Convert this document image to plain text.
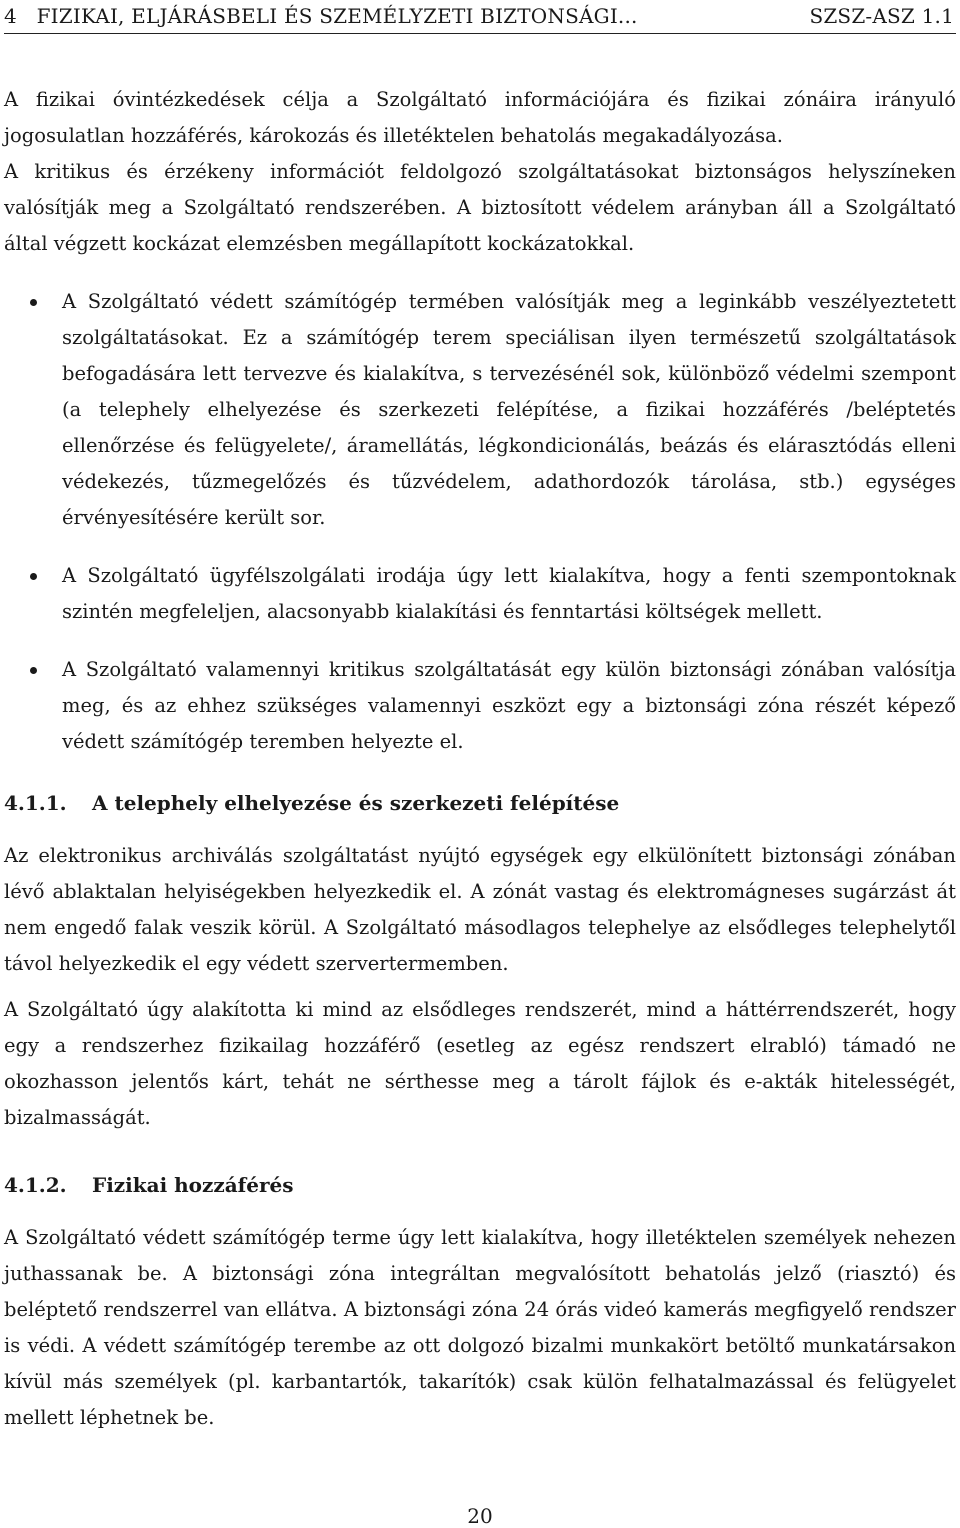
4   FIZIKAI, ELJÁRÁSBELI ÉS SZEMÉLYZETI BIZTONSÁGI...	SZSZ-ASZ 1.1

A fizikai óvintézkedések célja a Szolgáltató információjára és fizikai zónáira irányuló jogosulatlan hozzáférés, károkozás és illetéktelen behatolás megakadályozása.

A kritikus és érzékeny információt feldolgozó szolgáltatásokat biztonságos helyszíneken valósítják meg a Szolgáltató rendszerében. A biztosított védelem arányban áll a Szolgáltató által végzett kockázat elemzésben megállapított kockázatokkal.

A Szolgáltató védett számítógép termében valósítják meg a leginkább veszélyeztetett szolgáltatásokat. Ez a számítógép terem speciálisan ilyen természetű szolgáltatások befogadására lett tervezve és kialakítva, s tervezésénél sok, különböző védelmi szempont (a telephely elhelyezése és szerkezeti felépítése, a fizikai hozzáférés /beléptetés ellenőrzése és felügyelete/, áramellátás, légkondicionálás, beázás és elárasztódás elleni védekezés, tűzmegelőzés és tűzvédelem, adathordozók tárolása, stb.) egységes érvényesítésére került sor.
A Szolgáltató ügyfélszolgálati irodája úgy lett kialakítva, hogy a fenti szempontoknak szintén megfeleljen, alacsonyabb kialakítási és fenntartási költségek mellett.
A Szolgáltató valamennyi kritikus szolgáltatását egy külön biztonsági zónában valósítja meg, és az ehhez szükséges valamennyi eszközt egy a biztonsági zóna részét képező védett számítógép teremben helyezte el.
4.1.1.	A telephely elhelyezése és szerkezeti felépítése

Az elektronikus archiválás szolgáltatást nyújtó egységek egy elkülönített biztonsági zónában lévő ablaktalan helyiségekben helyezkedik el. A zónát vastag és elektromágneses sugárzást át nem engedő falak veszik körül. A Szolgáltató másodlagos telephelye az elsődleges telephelytől távol helyezkedik el egy védett szervertermemben.

A Szolgáltató úgy alakította ki mind az elsődleges rendszerét, mind a háttérrendszerét, hogy egy a rendszerhez fizikailag hozzáférő (esetleg az egész rendszert elrabló) támadó ne okozhasson jelentős kárt, tehát ne sérthesse meg a tárolt fájlok és e-akták hitelességét, bizalmasságát.

4.1.2.	Fizikai hozzáférés

A Szolgáltató védett számítógép terme úgy lett kialakítva, hogy illetéktelen személyek nehezen juthassanak be. A biztonsági zóna integráltan megvalósított behatolás jelző (riasztó) és beléptető rendszerrel van ellátva. A biztonsági zóna 24 órás videó kamerás megfigyelő rendszer is védi. A védett számítógép terembe az ott dolgozó bizalmi munkakört betöltő munkatársakon kívül más személyek (pl. karbantartók, takarítók) csak külön felhatalmazással és felügyelet mellett léphetnek be.

20
